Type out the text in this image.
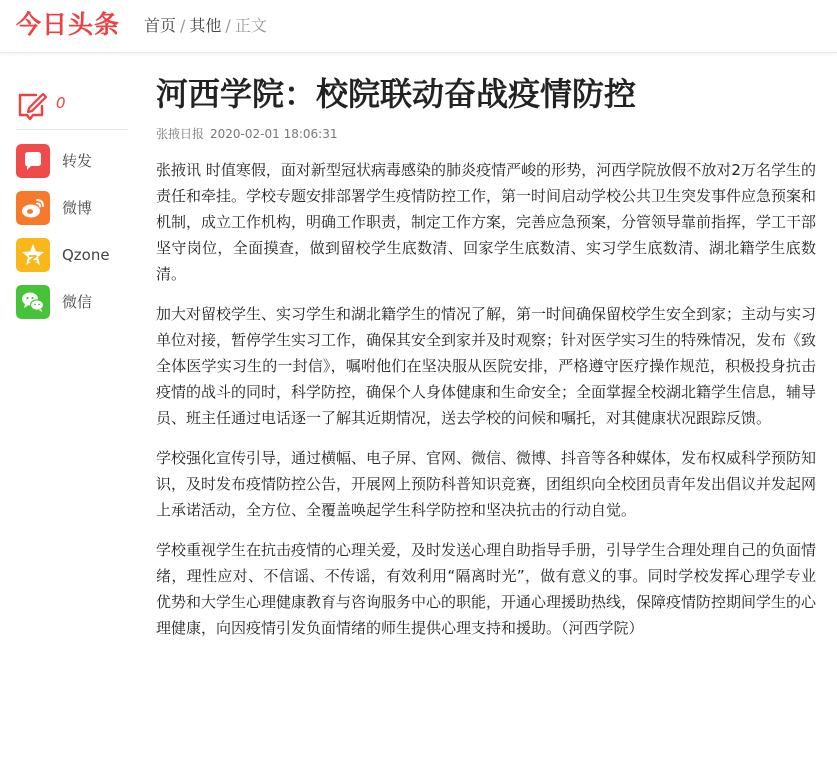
今日头条 首页 / 其他 / 正文
0
转发
微博
Qzone
微信
河西学院：校院联动奋战疫情防控
张掖日报 2020-02-01 18:06:31

张掖讯 时值寒假，面对新型冠状病毒感染的肺炎疫情严峻的形势，河西学院放假不放对2万名学生的责任和牵挂。学校专题安排部署学生疫情防控工作，第一时间启动学校公共卫生突发事件应急预案和机制，成立工作机构，明确工作职责，制定工作方案，完善应急预案，分管领导靠前指挥，学工干部坚守岗位，全面摸查，做到留校学生底数清、回家学生底数清、实习学生底数清、湖北籍学生底数清。

加大对留校学生、实习学生和湖北籍学生的情况了解，第一时间确保留校学生安全到家；主动与实习单位对接，暂停学生实习工作，确保其安全到家并及时观察；针对医学实习生的特殊情况，发布《致全体医学实习生的一封信》，嘱咐他们在坚决服从医院安排，严格遵守医疗操作规范，积极投身抗击疫情的战斗的同时，科学防控，确保个人身体健康和生命安全；全面掌握全校湖北籍学生信息，辅导员、班主任通过电话逐一了解其近期情况，送去学校的问候和嘱托，对其健康状况跟踪反馈。

学校强化宣传引导，通过横幅、电子屏、官网、微信、微博、抖音等各种媒体，发布权威科学预防知识，及时发布疫情防控公告，开展网上预防科普知识竞赛，团组织向全校团员青年发出倡议并发起网上承诺活动，全方位、全覆盖唤起学生科学防控和坚决抗击的行动自觉。

学校重视学生在抗击疫情的心理关爱，及时发送心理自助指导手册，引导学生合理处理自己的负面情绪，理性应对、不信谣、不传谣，有效利用“隔离时光”，做有意义的事。同时学校发挥心理学专业优势和大学生心理健康教育与咨询服务中心的职能，开通心理援助热线，保障疫情防控期间学生的心理健康，向因疫情引发负面情绪的师生提供心理支持和援助。（河西学院）
